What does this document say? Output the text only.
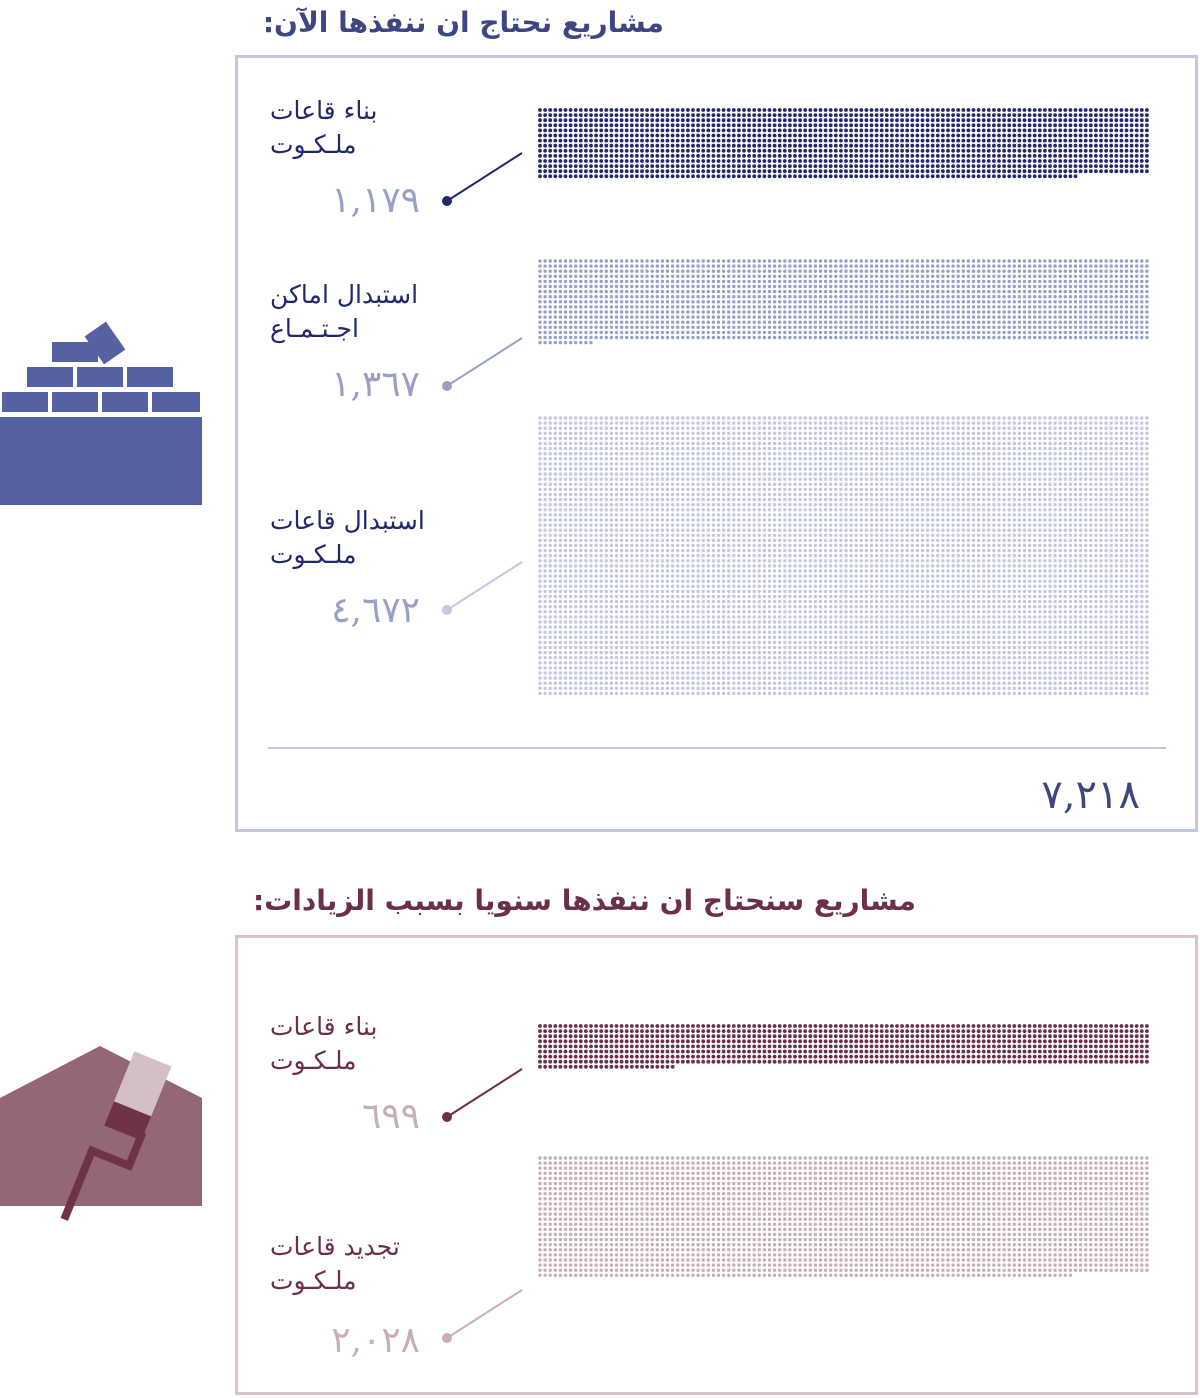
مشاريع نحتاج ان ننفذها الآن:
مشاريع سنحتاج ان ننفذها سنويا بسبب الزيادات:
بناء قاعات
ملـكـوت
١,١٧٩
استبدال اماكن
اجـتـمـاع
١,٣٦٧
استبدال قاعات
ملـكـوت
٤,٦٧٢
٧,٢١٨
بناء قاعات
ملـكـوت
٦٩٩
تجديد قاعات
ملـكـوت
٢,٠٢٨
